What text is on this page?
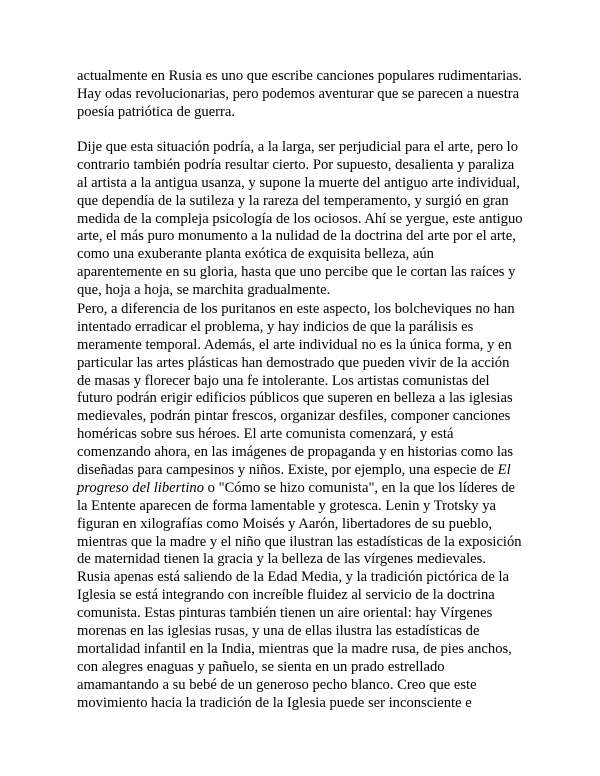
actualmente en Rusia es uno que escribe canciones populares rudimentarias.
Hay odas revolucionarias, pero podemos aventurar que se parecen a nuestra
poesía patriótica de guerra.
Dije que esta situación podría, a la larga, ser perjudicial para el arte, pero lo
contrario también podría resultar cierto. Por supuesto, desalienta y paraliza
al artista a la antigua usanza, y supone la muerte del antiguo arte individual,
que dependía de la sutileza y la rareza del temperamento, y surgió en gran
medida de la compleja psicología de los ociosos. Ahí se yergue, este antiguo
arte, el más puro monumento a la nulidad de la doctrina del arte por el arte,
como una exuberante planta exótica de exquisita belleza, aún
aparentemente en su gloria, hasta que uno percibe que le cortan las raíces y
que, hoja a hoja, se marchita gradualmente.
Pero, a diferencia de los puritanos en este aspecto, los bolcheviques no han
intentado erradicar el problema, y hay indicios de que la parálisis es
meramente temporal. Además, el arte individual no es la única forma, y en
particular las artes plásticas han demostrado que pueden vivir de la acción
de masas y florecer bajo una fe intolerante. Los artistas comunistas del
futuro podrán erigir edificios públicos que superen en belleza a las iglesias
medievales, podrán pintar frescos, organizar desfiles, componer canciones
homéricas sobre sus héroes. El arte comunista comenzará, y está
comenzando ahora, en las imágenes de propaganda y en historias como las
diseñadas para campesinos y niños. Existe, por ejemplo, una especie de El
progreso del libertino o "Cómo se hizo comunista", en la que los líderes de
la Entente aparecen de forma lamentable y grotesca. Lenin y Trotsky ya
figuran en xilografías como Moisés y Aarón, libertadores de su pueblo,
mientras que la madre y el niño que ilustran las estadísticas de la exposición
de maternidad tienen la gracia y la belleza de las vírgenes medievales.
Rusia apenas está saliendo de la Edad Media, y la tradición pictórica de la
Iglesia se está integrando con increíble fluidez al servicio de la doctrina
comunista. Estas pinturas también tienen un aire oriental: hay Vírgenes
morenas en las iglesias rusas, y una de ellas ilustra las estadísticas de
mortalidad infantil en la India, mientras que la madre rusa, de pies anchos,
con alegres enaguas y pañuelo, se sienta en un prado estrellado
amamantando a su bebé de un generoso pecho blanco. Creo que este
movimiento hacia la tradición de la Iglesia puede ser inconsciente e
